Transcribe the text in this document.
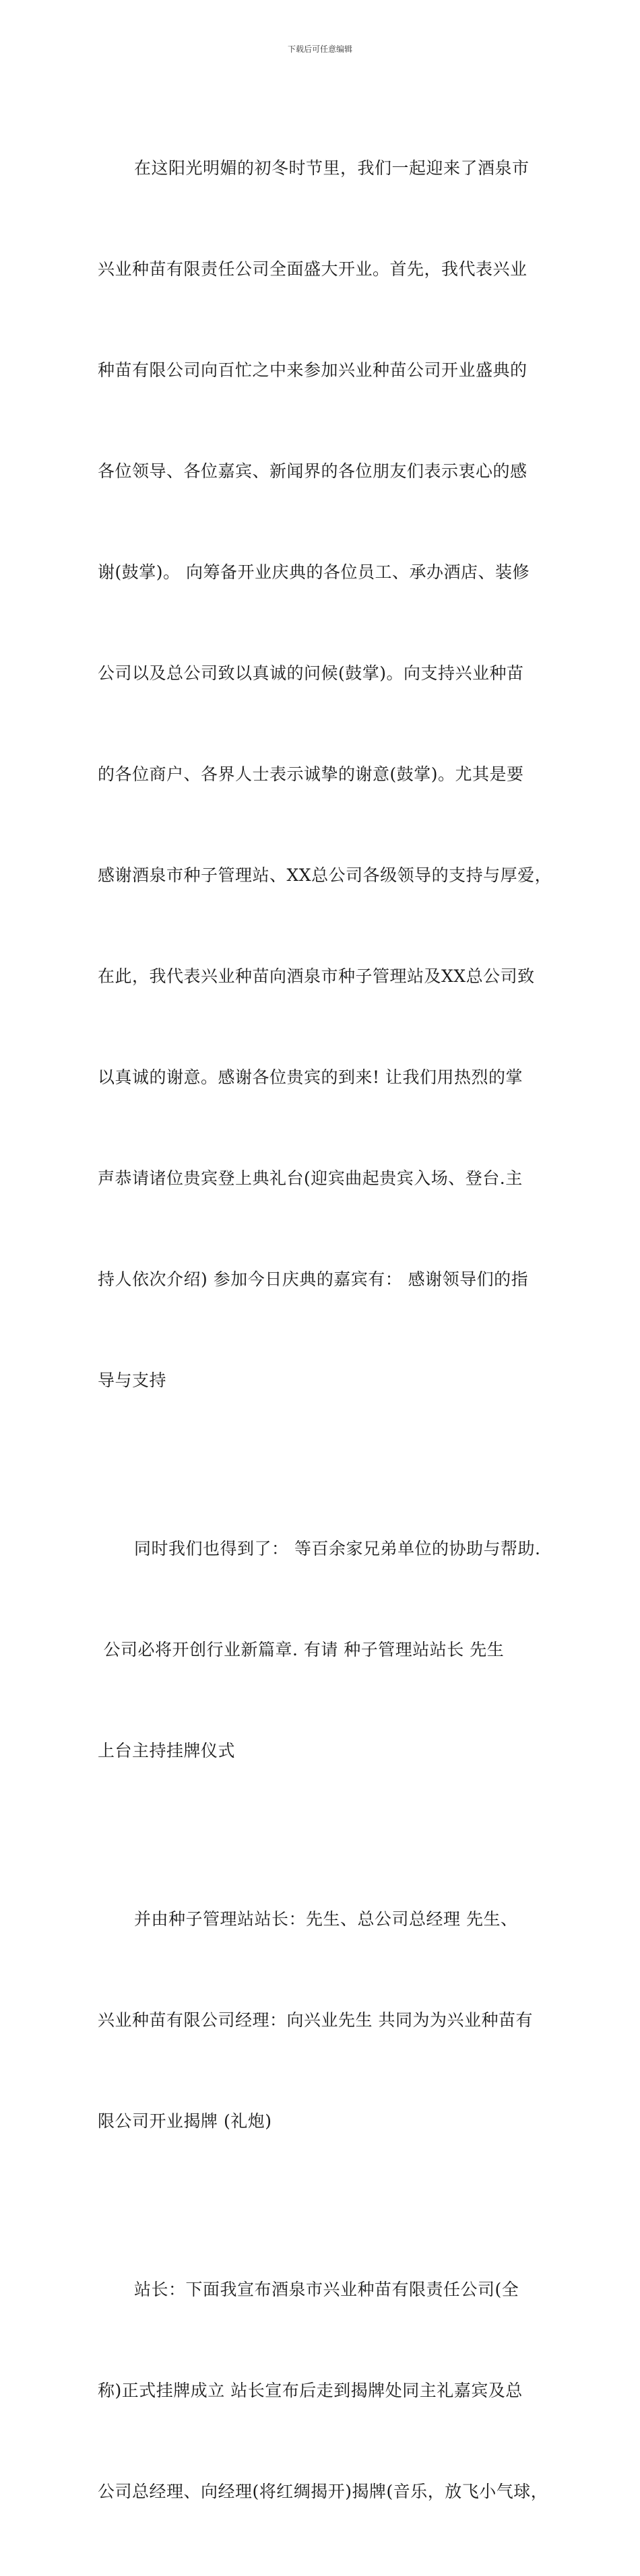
下载后可任意编辑

在这阳光明媚的初冬时节里，我们一起迎来了酒泉市

兴业种苗有限责任公司全面盛大开业。首先，我代表兴业

种苗有限公司向百忙之中来参加兴业种苗公司开业盛典的

各位领导、各位嘉宾、新闻界的各位朋友们表示衷心的感

谢(鼓掌)。 向筹备开业庆典的各位员工、承办酒店、装修

公司以及总公司致以真诚的问候(鼓掌)。向支持兴业种苗

的各位商户、各界人士表示诚挚的谢意(鼓掌)。尤其是要

感谢酒泉市种子管理站、XX总公司各级领导的支持与厚爱，

在此，我代表兴业种苗向酒泉市种子管理站及XX总公司致

以真诚的谢意。感谢各位贵宾的到来! 让我们用热烈的掌

声恭请诸位贵宾登上典礼台(迎宾曲起贵宾入场、登台.主

持人依次介绍) 参加今日庆典的嘉宾有： 感谢领导们的指

导与支持

同时我们也得到了： 等百余家兄弟单位的协助与帮助.

公司必将开创行业新篇章. 有请 种子管理站站长 先生

上台主持挂牌仪式

并由种子管理站站长：先生、总公司总经理 先生、

兴业种苗有限公司经理：向兴业先生 共同为为兴业种苗有

限公司开业揭牌 (礼炮)

站长：下面我宣布酒泉市兴业种苗有限责任公司(全

称)正式挂牌成立 站长宣布后走到揭牌处同主礼嘉宾及总

公司总经理、向经理(将红绸揭开)揭牌(音乐，放飞小气球，
